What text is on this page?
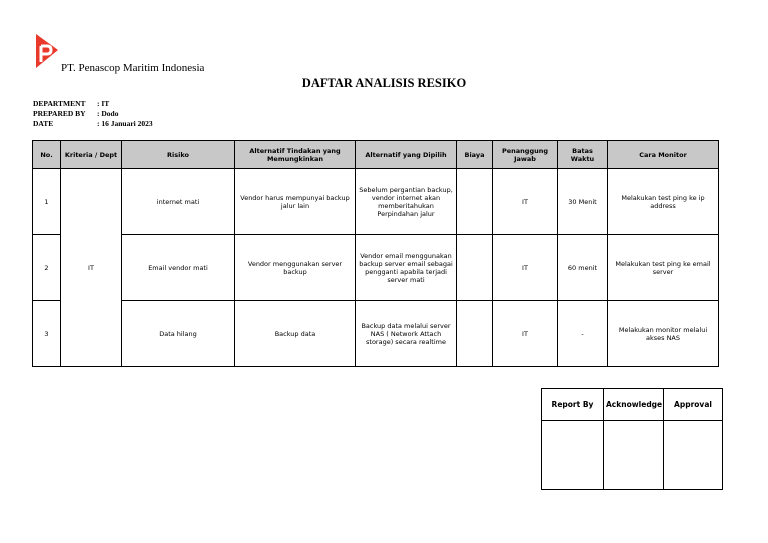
PT. Penascop Maritim Indonesia
DAFTAR ANALISIS RESIKO
DEPARTMENT	: IT
PREPARED BY	: Dodo
DATE	: 16 Januari 2023
No.	Kriteria / Dept	Risiko	Alternatif Tindakan yang Memungkinkan	Alternatif yang Dipilih	Biaya	Penanggung Jawab	Batas Waktu	Cara Monitor
1	IT	internet mati	Vendor harus mempunyai backup jalur lain	Sebelum pergantian backup, vendor internet akan memberitahukan Perpindahan jalur		IT	30 Menit	Melakukan test ping ke ip address
2		Email vendor mati	Vendor menggunakan server backup	Vendor email menggunakan backup server email sebagai pengganti apabila terjadi server mati		IT	60 menit	Melakukan test ping ke email server
3		Data hilang	Backup data	Backup data melalui server NAS ( Network Attach storage) secara realtime		IT	-	Melakukan monitor melalui akses NAS
Report By	Acknowledge	Approval
